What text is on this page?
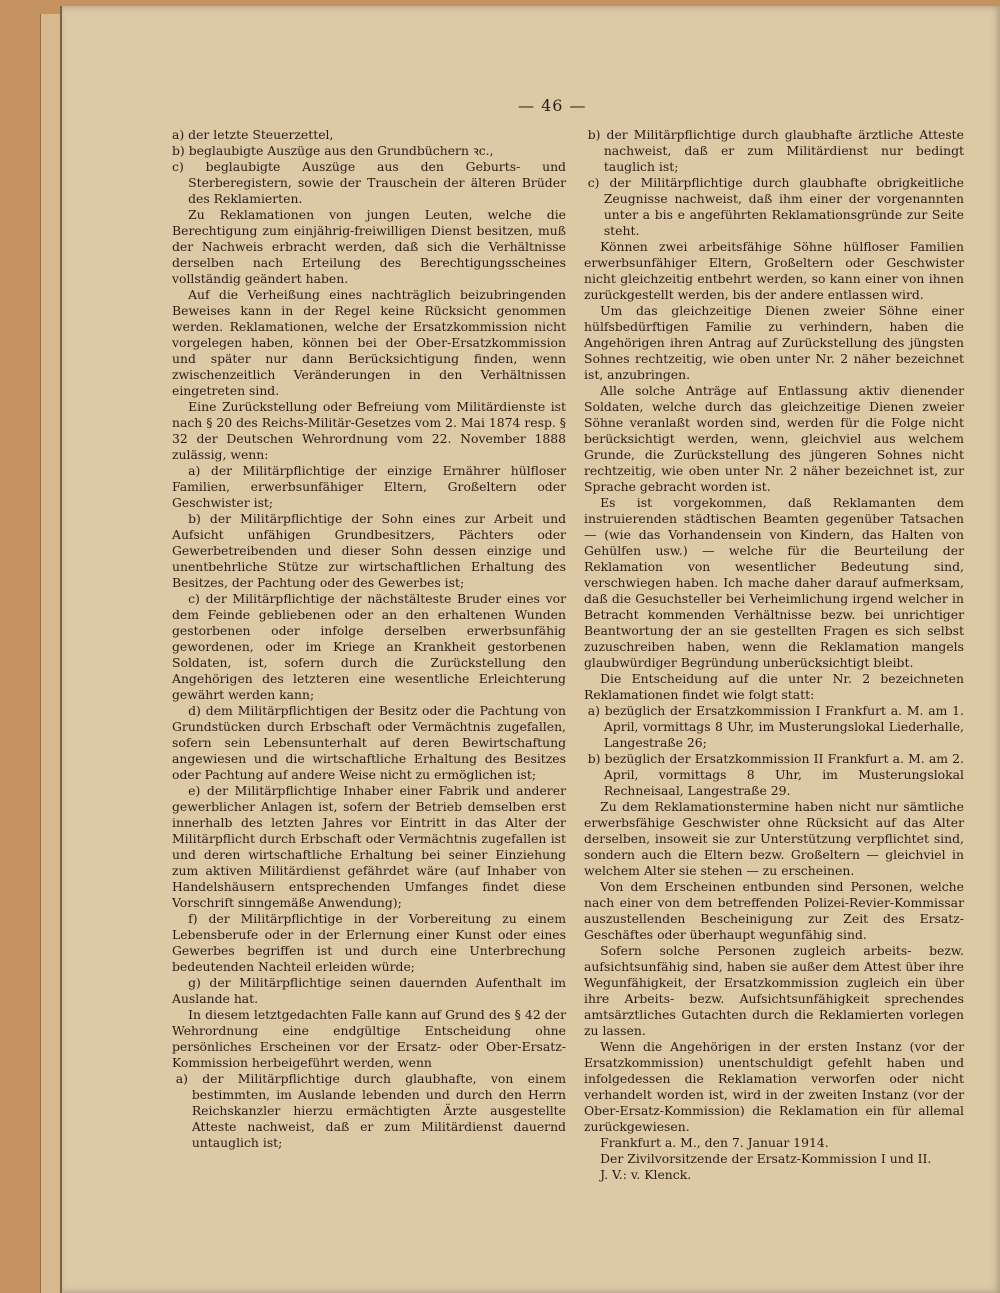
— 46 —

a) der letzte Steuerzettel,

b) beglaubigte Auszüge aus den Grundbüchern ꝛc.,

c) beglaubigte Auszüge aus den Geburts- und Sterberegistern, sowie der Trauschein der älteren Brüder des Reklamierten.

Zu Reklamationen von jungen Leuten, welche die Berechtigung zum einjährig-freiwilligen Dienst besitzen, muß der Nachweis erbracht werden, daß sich die Verhältnisse derselben nach Erteilung des Berechtigungsscheines vollständig geändert haben.

Auf die Verheißung eines nachträglich beizubringenden Beweises kann in der Regel keine Rücksicht genommen werden. Reklamationen, welche der Ersatzkommission nicht vorgelegen haben, können bei der Ober-Ersatzkommission und später nur dann Berücksichtigung finden, wenn zwischenzeitlich Veränderungen in den Verhältnissen eingetreten sind.

Eine Zurückstellung oder Befreiung vom Militärdienste ist nach § 20 des Reichs-Militär-Gesetzes vom 2. Mai 1874 resp. § 32 der Deutschen Wehrordnung vom 22. November 1888 zulässig, wenn:

a) der Militärpflichtige der einzige Ernährer hülfloser Familien, erwerbsunfähiger Eltern, Großeltern oder Geschwister ist;

b) der Militärpflichtige der Sohn eines zur Arbeit und Aufsicht unfähigen Grundbesitzers, Pächters oder Gewerbetreibenden und dieser Sohn dessen einzige und unentbehrliche Stütze zur wirtschaftlichen Erhaltung des Besitzes, der Pachtung oder des Gewerbes ist;

c) der Militärpflichtige der nächstälteste Bruder eines vor dem Feinde gebliebenen oder an den erhaltenen Wunden gestorbenen oder infolge derselben erwerbsunfähig gewordenen, oder im Kriege an Krankheit gestorbenen Soldaten, ist, sofern durch die Zurückstellung den Angehörigen des letzteren eine wesentliche Erleichterung gewährt werden kann;

d) dem Militärpflichtigen der Besitz oder die Pachtung von Grundstücken durch Erbschaft oder Vermächtnis zugefallen, sofern sein Lebensunterhalt auf deren Bewirtschaftung angewiesen und die wirtschaftliche Erhaltung des Besitzes oder Pachtung auf andere Weise nicht zu ermöglichen ist;

e) der Militärpflichtige Inhaber einer Fabrik und anderer gewerblicher Anlagen ist, sofern der Betrieb demselben erst innerhalb des letzten Jahres vor Eintritt in das Alter der Militärpflicht durch Erbschaft oder Vermächtnis zugefallen ist und deren wirtschaftliche Erhaltung bei seiner Einziehung zum aktiven Militärdienst gefährdet wäre (auf Inhaber von Handelshäusern entsprechenden Umfanges findet diese Vorschrift sinngemäße Anwendung);

f) der Militärpflichtige in der Vorbereitung zu einem Lebensberufe oder in der Erlernung einer Kunst oder eines Gewerbes begriffen ist und durch eine Unterbrechung bedeutenden Nachteil erleiden würde;

g) der Militärpflichtige seinen dauernden Aufenthalt im Auslande hat.

In diesem letztgedachten Falle kann auf Grund des § 42 der Wehrordnung eine endgültige Entscheidung ohne persönliches Erscheinen vor der Ersatz- oder Ober-Ersatz-Kommission herbeigeführt werden, wenn

a) der Militärpflichtige durch glaubhafte, von einem bestimmten, im Auslande lebenden und durch den Herrn Reichskanzler hierzu ermächtigten Ärzte ausgestellte Atteste nachweist, daß er zum Militärdienst dauernd untauglich ist;

b) der Militärpflichtige durch glaubhafte ärztliche Atteste nachweist, daß er zum Militärdienst nur bedingt tauglich ist;

c) der Militärpflichtige durch glaubhafte obrigkeitliche Zeugnisse nachweist, daß ihm einer der vorgenannten unter a bis e angeführten Reklamationsgründe zur Seite steht.

Können zwei arbeitsfähige Söhne hülfloser Familien erwerbsunfähiger Eltern, Großeltern oder Geschwister nicht gleichzeitig entbehrt werden, so kann einer von ihnen zurückgestellt werden, bis der andere entlassen wird.

Um das gleichzeitige Dienen zweier Söhne einer hülfsbedürftigen Familie zu verhindern, haben die Angehörigen ihren Antrag auf Zurückstellung des jüngsten Sohnes rechtzeitig, wie oben unter Nr. 2 näher bezeichnet ist, anzubringen.

Alle solche Anträge auf Entlassung aktiv dienender Soldaten, welche durch das gleichzeitige Dienen zweier Söhne veranlaßt worden sind, werden für die Folge nicht berücksichtigt werden, wenn, gleichviel aus welchem Grunde, die Zurückstellung des jüngeren Sohnes nicht rechtzeitig, wie oben unter Nr. 2 näher bezeichnet ist, zur Sprache gebracht worden ist.

Es ist vorgekommen, daß Reklamanten dem instruierenden städtischen Beamten gegenüber Tatsachen — (wie das Vorhandensein von Kindern, das Halten von Gehülfen usw.) — welche für die Beurteilung der Reklamation von wesentlicher Bedeutung sind, verschwiegen haben. Ich mache daher darauf aufmerksam, daß die Gesuchsteller bei Verheimlichung irgend welcher in Betracht kommenden Verhältnisse bezw. bei unrichtiger Beantwortung der an sie gestellten Fragen es sich selbst zuzuschreiben haben, wenn die Reklamation mangels glaubwürdiger Begründung unberücksichtigt bleibt.

Die Entscheidung auf die unter Nr. 2 bezeichneten Reklamationen findet wie folgt statt:

a) bezüglich der Ersatzkommission I Frankfurt a. M. am 1. April, vormittags 8 Uhr, im Musterungslokal Liederhalle, Langestraße 26;

b) bezüglich der Ersatzkommission II Frankfurt a. M. am 2. April, vormittags 8 Uhr, im Musterungslokal Rechneisaal, Langestraße 29.

Zu dem Reklamationstermine haben nicht nur sämtliche erwerbsfähige Geschwister ohne Rücksicht auf das Alter derselben, insoweit sie zur Unterstützung verpflichtet sind, sondern auch die Eltern bezw. Großeltern — gleichviel in welchem Alter sie stehen — zu erscheinen.

Von dem Erscheinen entbunden sind Personen, welche nach einer von dem betreffenden Polizei-Revier-Kommissar auszustellenden Bescheinigung zur Zeit des Ersatz-Geschäftes oder überhaupt wegunfähig sind.

Sofern solche Personen zugleich arbeits- bezw. aufsichtsunfähig sind, haben sie außer dem Attest über ihre Wegunfähigkeit, der Ersatzkommission zugleich ein über ihre Arbeits- bezw. Aufsichtsunfähigkeit sprechendes amtsärztliches Gutachten durch die Reklamierten vorlegen zu lassen.

Wenn die Angehörigen in der ersten Instanz (vor der Ersatzkommission) unentschuldigt gefehlt haben und infolgedessen die Reklamation verworfen oder nicht verhandelt worden ist, wird in der zweiten Instanz (vor der Ober-Ersatz-Kommission) die Reklamation ein für allemal zurückgewiesen.

Frankfurt a. M., den 7. Januar 1914.

Der Zivilvorsitzende der Ersatz-Kommission I und II.

J. V.: v. Klenck.
